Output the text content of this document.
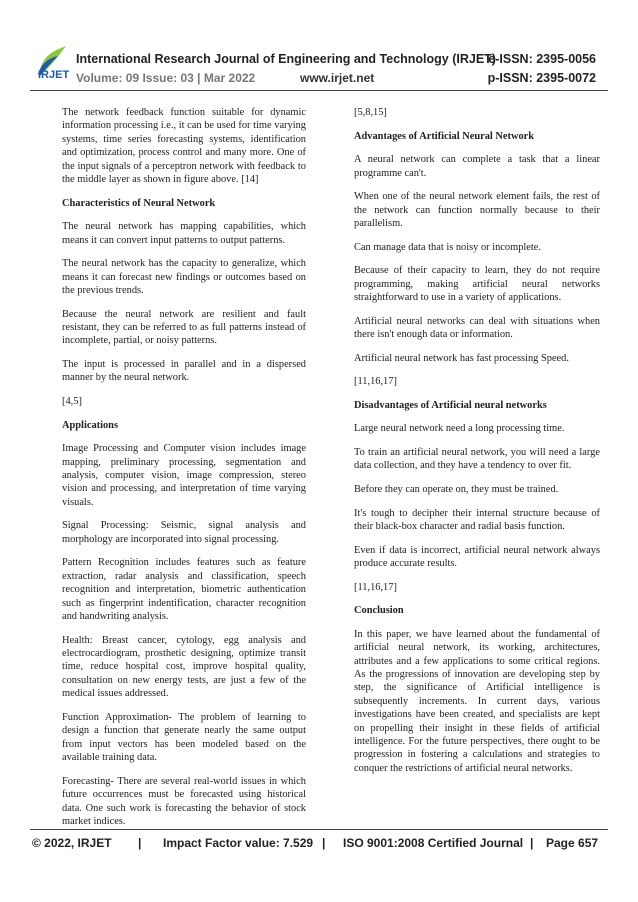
IRJET
International Research Journal of Engineering and Technology (IRJET)
e-ISSN: 2395-0056
Volume: 09 Issue: 03 | Mar 2022	www.irjet.net	p-ISSN: 2395-0072

The network feedback function suitable for dynamic information processing i.e., it can be used for time varying systems, time series forecasting systems, identification and optimization, process control and many more. One of the input signals of a perceptron network with feedback to the middle layer as shown in figure above. [14]

Characteristics of Neural Network

The neural network has mapping capabilities, which means it can convert input patterns to output patterns.

The neural network has the capacity to generalize, which means it can forecast new findings or outcomes based on the previous trends.

Because the neural network are resilient and fault resistant, they can be referred to as full patterns instead of incomplete, partial, or noisy patterns.

The input is processed in parallel and in a dispersed manner by the neural network.

[4,5]

Applications

Image Processing and Computer vision includes image mapping, preliminary processing, segmentation and analysis, computer vision, image compression, stereo vision and processing, and interpretation of time varying visuals.

Signal Processing: Seismic, signal analysis and morphology are incorporated into signal processing.

Pattern Recognition includes features such as feature extraction, radar analysis and classification, speech recognition and interpretation, biometric authentication such as fingerprint indentification, character recognition and handwriting analysis.

Health: Breast cancer, cytology, egg analysis and electrocardiogram, prosthetic designing, optimize transit time, reduce hospital cost, improve hospital quality, consultation on new energy tests, are just a few of the medical issues addressed.

Function Approximation- The problem of learning to design a function that generate nearly the same output from input vectors has been modeled based on the available training data.

Forecasting- There are several real-world issues in which future occurrences must be forecasted using historical data. One such work is forecasting the behavior of stock market indices.

[5,8,15]

Advantages of Artificial Neural Network

A neural network can complete a task that a linear programme can't.

When one of the neural network element fails, the rest of the network can function normally because to their parallelism.

Can manage data that is noisy or incomplete.

Because of their capacity to learn, they do not require programming, making artificial neural networks straightforward to use in a variety of applications.

Artificial neural networks can deal with situations when there isn't enough data or information.

Artificial neural network has fast processing Speed.

[11,16,17]

Disadvantages of Artificial neural networks

Large neural network need a long processing time.

To train an artificial neural network, you will need a large data collection, and they have a tendency to over fit.

Before they can operate on, they must be trained.

It's tough to decipher their internal structure because of their black-box character and radial basis function.

Even if data is incorrect, artificial neural network always produce accurate results.

[11,16,17]

Conclusion

In this paper, we have learned about the fundamental of artificial neural network, its working, architectures, attributes and a few applications to some critical regions. As the progressions of innovation are developing step by step, the significance of Artificial intelligence is subsequently increments. In current days, various investigations have been created, and specialists are kept on propelling their insight in these fields of artificial intelligence. For the future perspectives, there ought to be progression in fostering a calculations and strategies to conquer the restrictions of artificial neural networks.

© 2022, IRJET | Impact Factor value: 7.529 | ISO 9001:2008 Certified Journal | Page 657
